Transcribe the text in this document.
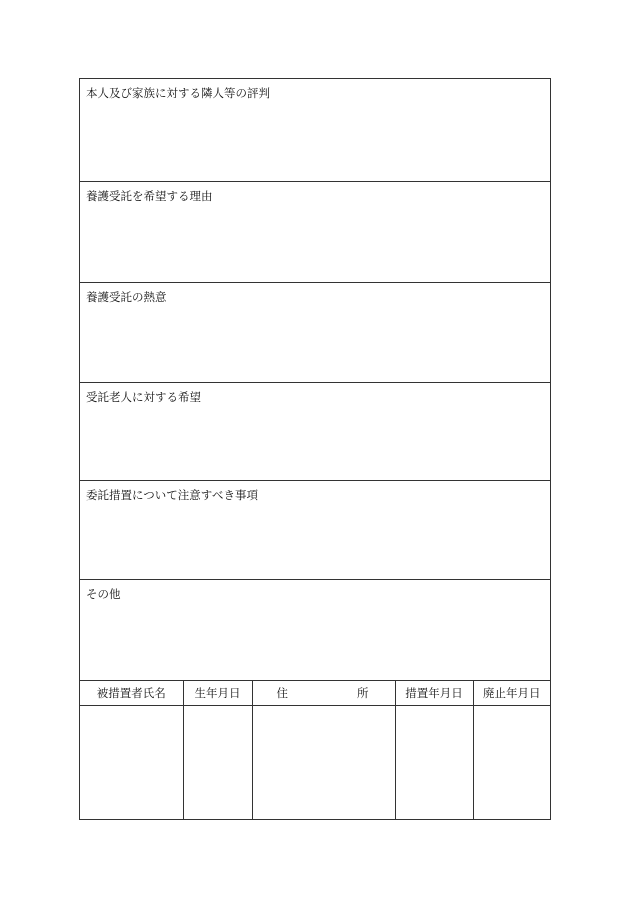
本人及び家族に対する隣人等の評判
養護受託を希望する理由
養護受託の熱意
受託老人に対する希望
委託措置について注意すべき事項
その他
被措置者氏名	生年月日	住 所	措置年月日	廃止年月日
